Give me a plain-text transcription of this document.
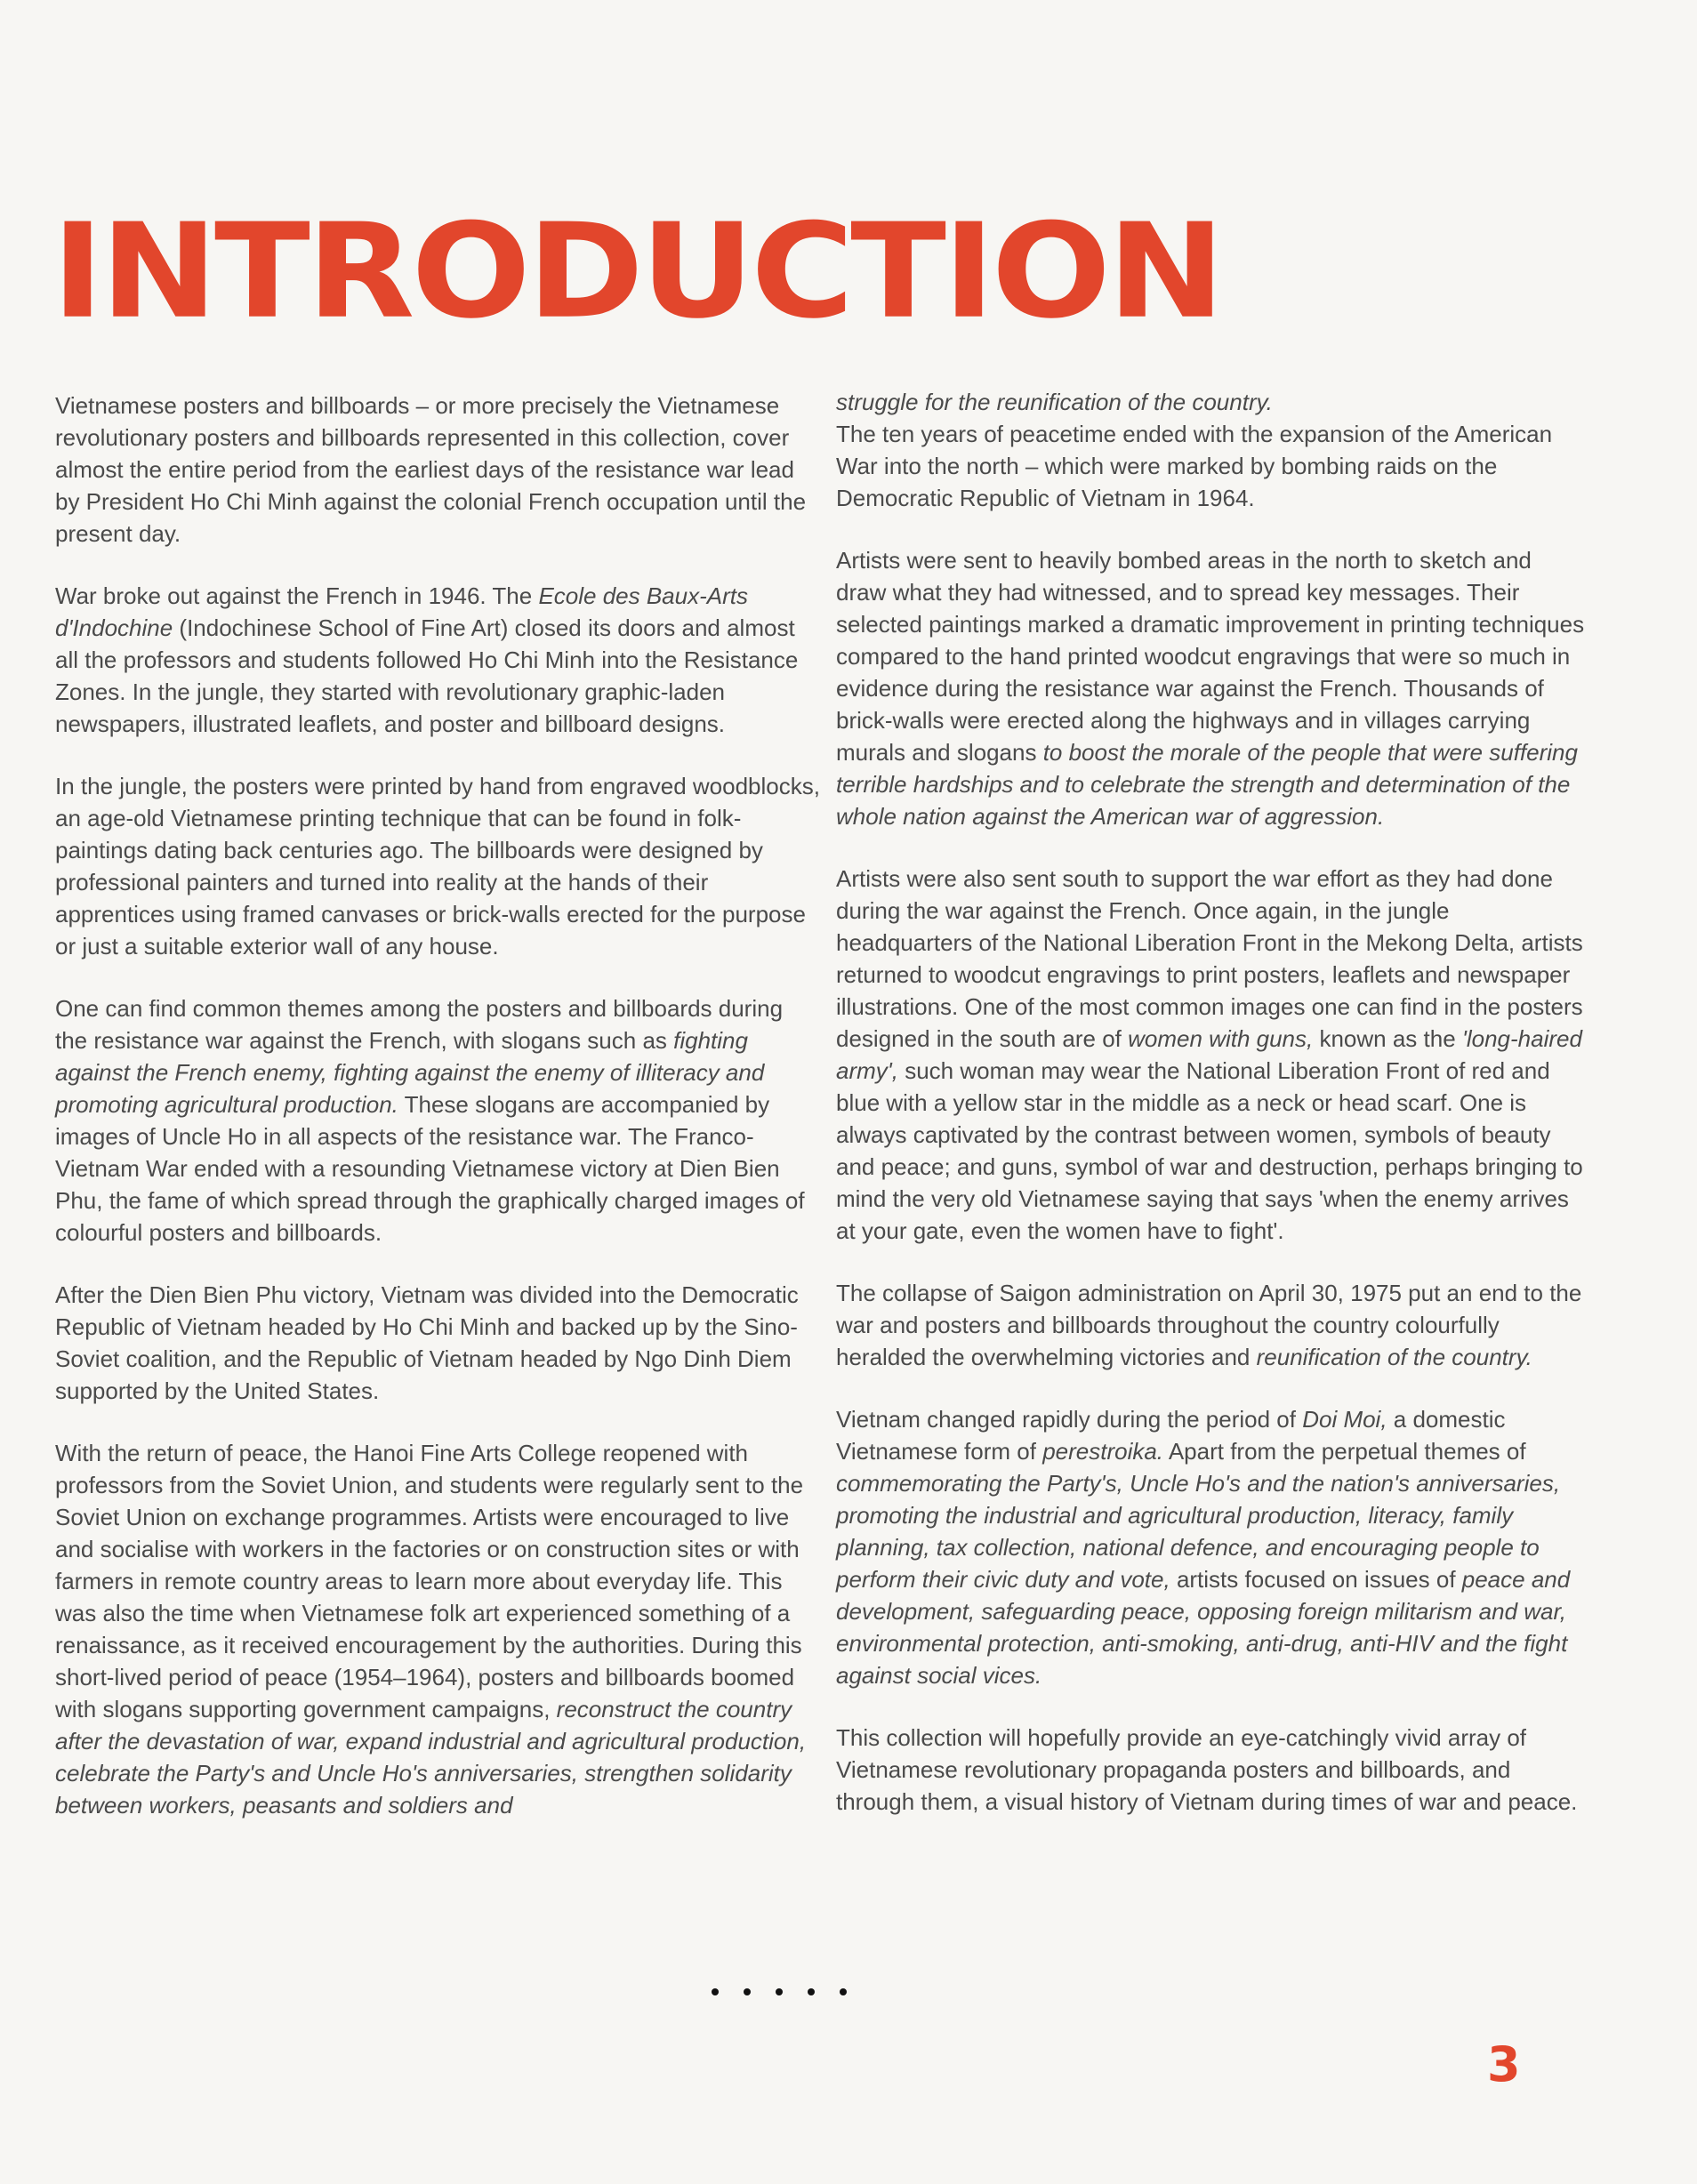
INTRODUCTION

Vietnamese posters and billboards – or more precisely the Vietnamese revolutionary posters and billboards represented in this collection, cover almost the entire period from the earliest days of the resistance war lead by President Ho Chi Minh against the colonial French occupation until the present day.

War broke out against the French in 1946. The Ecole des Baux-Arts d'Indochine (Indochinese School of Fine Art) closed its doors and almost all the professors and students followed Ho Chi Minh into the Resistance Zones. In the jungle, they started with revolutionary graphic-laden newspapers, illustrated leaflets, and poster and billboard designs.

In the jungle, the posters were printed by hand from engraved woodblocks, an age-old Vietnamese printing technique that can be found in folk-paintings dating back centuries ago. The billboards were designed by professional painters and turned into reality at the hands of their apprentices using framed canvases or brick-walls erected for the purpose or just a suitable exterior wall of any house.

One can find common themes among the posters and billboards during the resistance war against the French, with slogans such as fighting against the French enemy, fighting against the enemy of illiteracy and promoting agricultural production. These slogans are accompanied by images of Uncle Ho in all aspects of the resistance war. The Franco-Vietnam War ended with a resounding Vietnamese victory at Dien Bien Phu, the fame of which spread through the graphically charged images of colourful posters and billboards.

After the Dien Bien Phu victory, Vietnam was divided into the Democratic Republic of Vietnam headed by Ho Chi Minh and backed up by the Sino-Soviet coalition, and the Republic of Vietnam headed by Ngo Dinh Diem supported by the United States.

With the return of peace, the Hanoi Fine Arts College reopened with professors from the Soviet Union, and students were regularly sent to the Soviet Union on exchange programmes. Artists were encouraged to live and socialise with workers in the factories or on construction sites or with farmers in remote country areas to learn more about everyday life. This was also the time when Vietnamese folk art experienced something of a renaissance, as it received encouragement by the authorities. During this short-lived period of peace (1954–1964), posters and billboards boomed with slogans supporting government campaigns, reconstruct the country after the devastation of war, expand industrial and agricultural production, celebrate the Party's and Uncle Ho's anniversaries, strengthen solidarity between workers, peasants and soldiers and

struggle for the reunification of the country.
The ten years of peacetime ended with the expansion of the American War into the north – which were marked by bombing raids on the Democratic Republic of Vietnam in 1964.

Artists were sent to heavily bombed areas in the north to sketch and draw what they had witnessed, and to spread key messages. Their selected paintings marked a dramatic improvement in printing techniques compared to the hand printed woodcut engravings that were so much in evidence during the resistance war against the French. Thousands of brick-walls were erected along the highways and in villages carrying murals and slogans to boost the morale of the people that were suffering terrible hardships and to celebrate the strength and determination of the whole nation against the American war of aggression.

Artists were also sent south to support the war effort as they had done during the war against the French. Once again, in the jungle headquarters of the National Liberation Front in the Mekong Delta, artists returned to woodcut engravings to print posters, leaflets and newspaper illustrations. One of the most common images one can find in the posters designed in the south are of women with guns, known as the 'long-haired army', such woman may wear the National Liberation Front of red and blue with a yellow star in the middle as a neck or head scarf. One is always captivated by the contrast between women, symbols of beauty and peace; and guns, symbol of war and destruction, perhaps bringing to mind the very old Vietnamese saying that says 'when the enemy arrives at your gate, even the women have to fight'.

The collapse of Saigon administration on April 30, 1975 put an end to the war and posters and billboards throughout the country colourfully heralded the overwhelming victories and reunification of the country.

Vietnam changed rapidly during the period of Doi Moi, a domestic Vietnamese form of perestroika. Apart from the perpetual themes of commemorating the Party's, Uncle Ho's and the nation's anniversaries, promoting the industrial and agricultural production, literacy, family planning, tax collection, national defence, and encouraging people to perform their civic duty and vote, artists focused on issues of peace and development, safeguarding peace, opposing foreign militarism and war, environmental protection, anti-smoking, anti-drug, anti-HIV and the fight against social vices.

This collection will hopefully provide an eye-catchingly vivid array of Vietnamese revolutionary propaganda posters and billboards, and through them, a visual history of Vietnam during times of war and peace.

3
